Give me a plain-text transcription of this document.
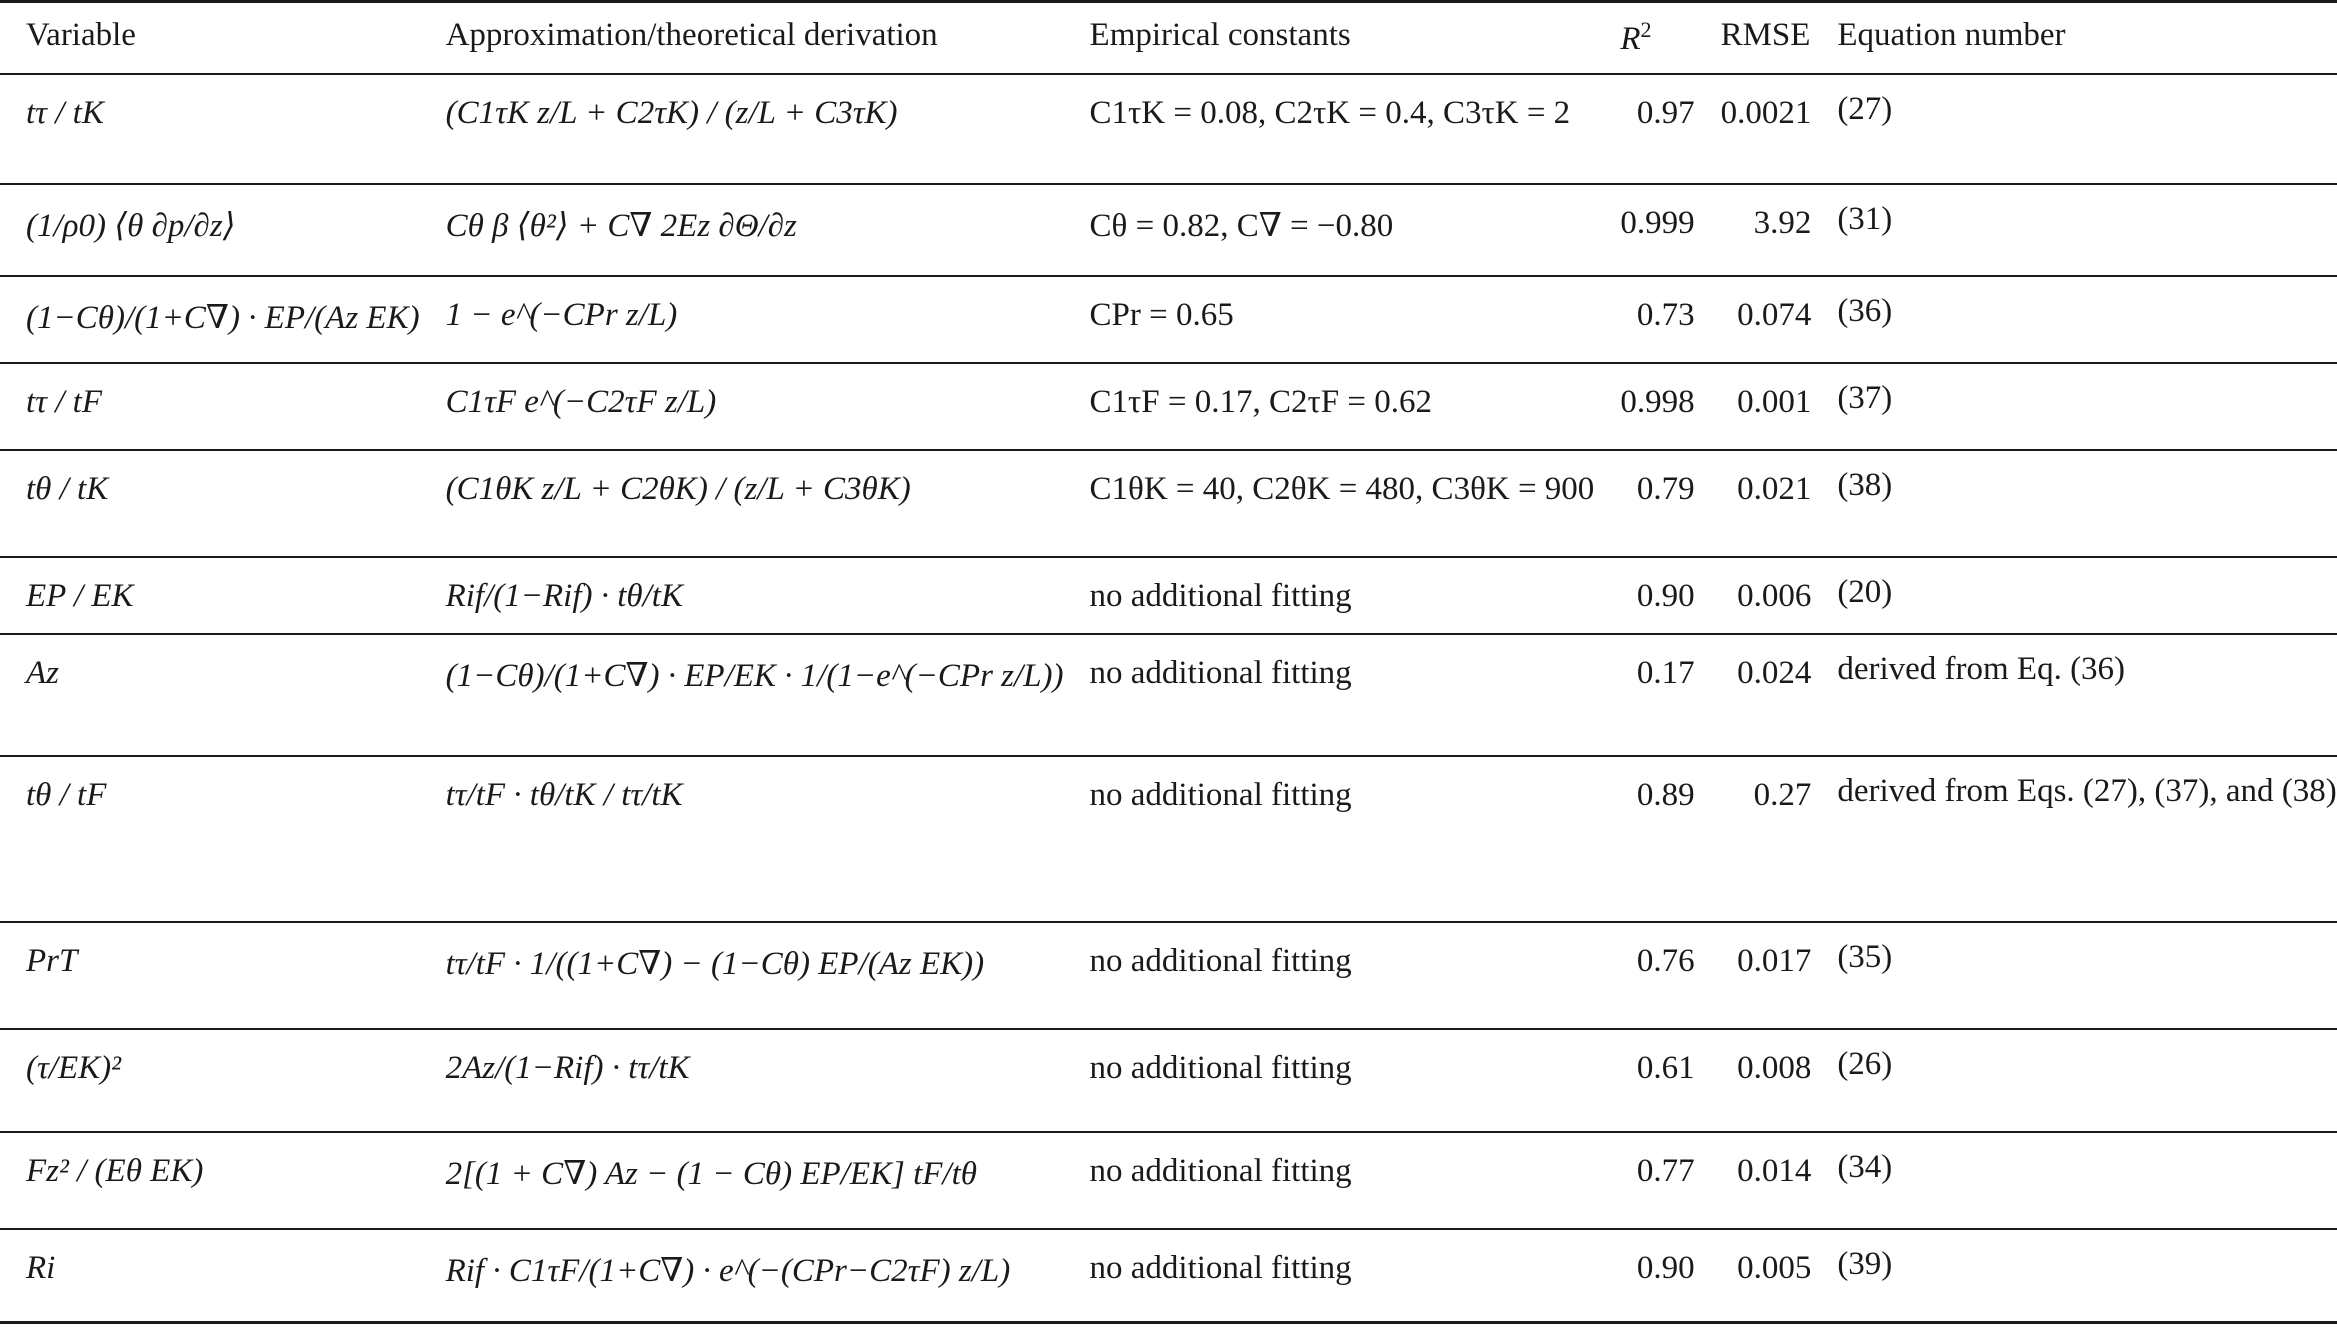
Variable	Approximation/theoretical derivation	Empirical constants	$R^2$	RMSE	Equation number

tτ / tK	(C1τK z/L + C2τK) / (z/L + C3τK)	C1τK = 0.08, C2τK = 0.4, C3τK = 2	0.97	0.0021	(27)

(1/ρ0) ⟨θ ∂p/∂z⟩	Cθ β ⟨θ²⟩ + C∇ 2Ez ∂Θ/∂z	Cθ = 0.82, C∇ = −0.80	0.999	3.92	(31)

(1−Cθ)/(1+C∇) · EP/(Az EK)	1 − e^(−CPr z/L)	CPr = 0.65	0.73	0.074	(36)

tτ / tF	C1τF e^(−C2τF z/L)	C1τF = 0.17, C2τF = 0.62	0.998	0.001	(37)

tθ / tK	(C1θK z/L + C2θK) / (z/L + C3θK)	C1θK = 40, C2θK = 480, C3θK = 900	0.79	0.021	(38)

EP / EK	Rif/(1−Rif) · tθ/tK	no additional fitting	0.90	0.006	(20)

Az	(1−Cθ)/(1+C∇) · EP/EK · 1/(1−e^(−CPr z/L))	no additional fitting	0.17	0.024	derived from Eq. (36)

tθ / tF	tτ/tF · tθ/tK / tτ/tK	no additional fitting	0.89	0.27	derived from Eqs. (27), (37), and (38)

PrT	tτ/tF · 1/((1+C∇) − (1−Cθ) EP/(Az EK))	no additional fitting	0.76	0.017	(35)

(τ/EK)²	2Az/(1−Rif) · tτ/tK	no additional fitting	0.61	0.008	(26)

Fz² / (Eθ EK)	2[(1 + C∇) Az − (1 − Cθ) EP/EK] tF/tθ	no additional fitting	0.77	0.014	(34)

Ri	Rif · C1τF/(1+C∇) · e^(−(CPr−C2τF) z/L)	no additional fitting	0.90	0.005	(39)
